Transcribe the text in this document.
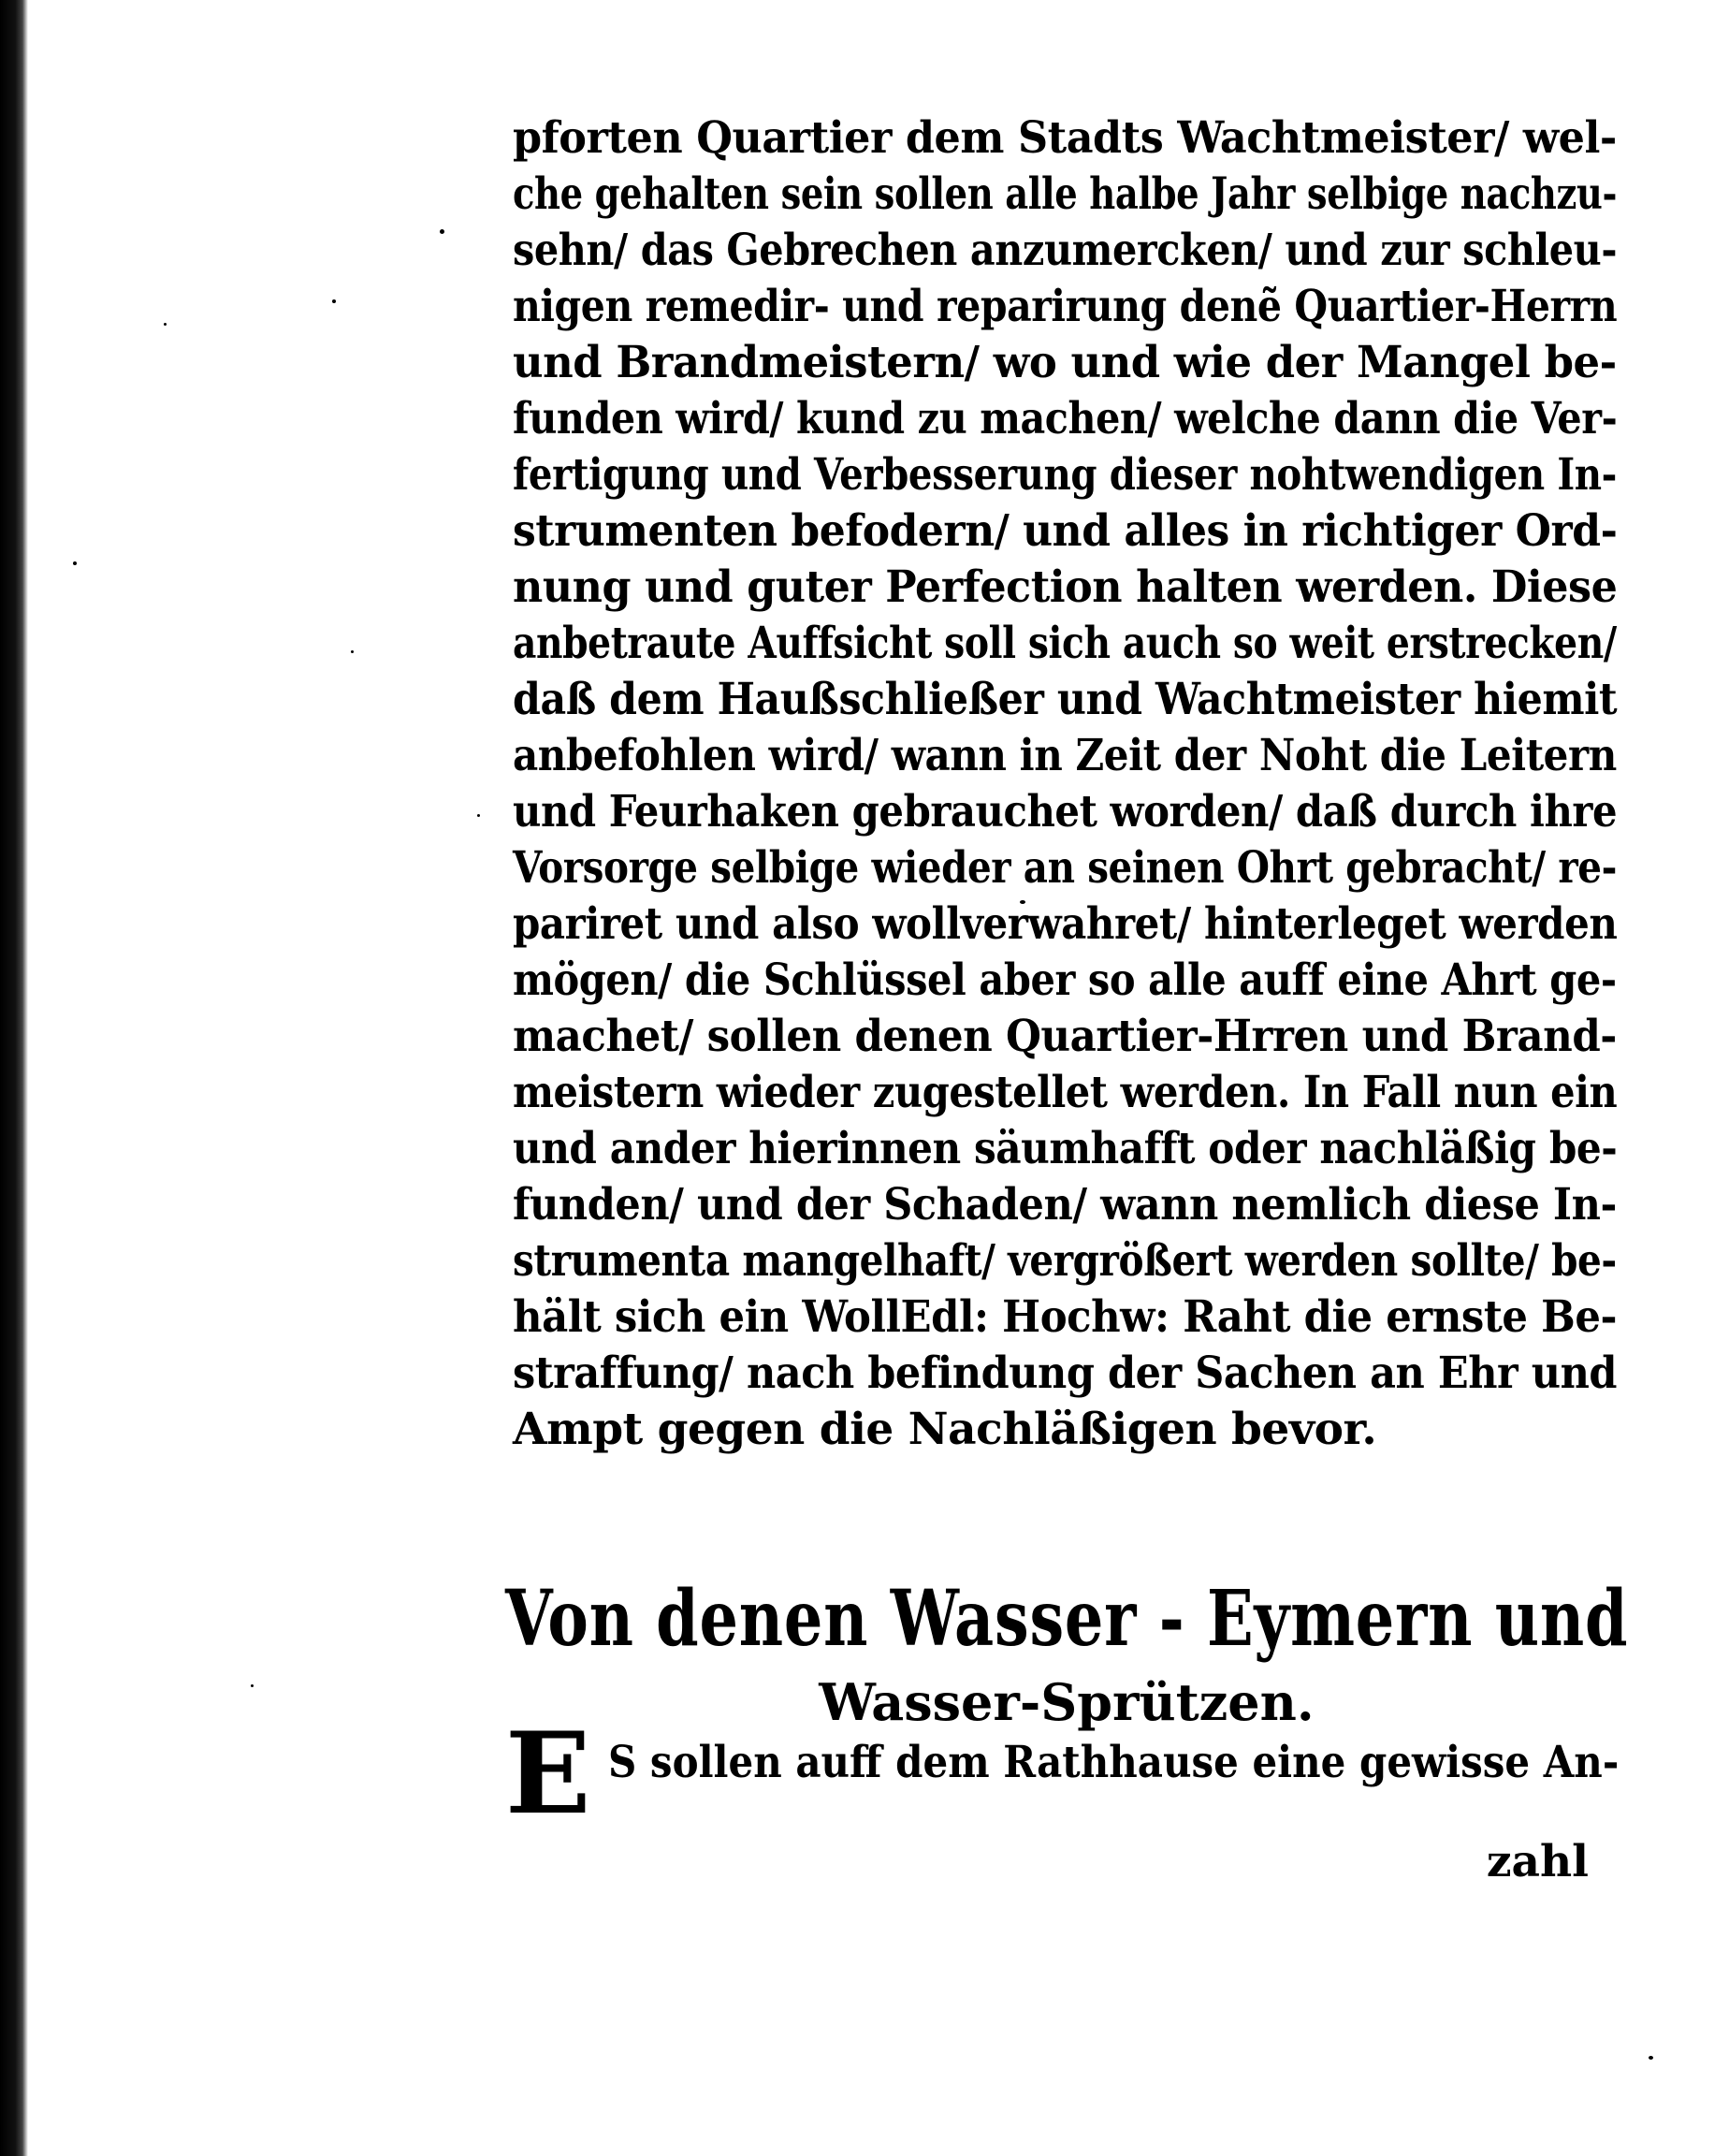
pforten Quartier dem Stadts Wachtmeister/ wel-
che gehalten sein sollen alle halbe Jahr selbige nachzu-
sehn/ das Gebrechen anzumercken/ und zur schleu-
nigen remedir- und reparirung denẽ Quartier-Herrn
und Brandmeistern/ wo und wie der Mangel be-
funden wird/ kund zu machen/ welche dann die Ver-
fertigung und Verbesserung dieser nohtwendigen In-
strumenten befodern/ und alles in richtiger Ord-
nung und guter Perfection halten werden. Diese
anbetraute Auffsicht soll sich auch so weit erstrecken/
daß dem Haußschließer und Wachtmeister hiemit
anbefohlen wird/ wann in Zeit der Noht die Leitern
und Feurhaken gebrauchet worden/ daß durch ihre
Vorsorge selbige wieder an seinen Ohrt gebracht/ re-
pariret und also wollverwahret/ hinterleget werden
mögen/ die Schlüssel aber so alle auff eine Ahrt ge-
machet/ sollen denen Quartier-Hrren und Brand-
meistern wieder zugestellet werden. In Fall nun ein
und ander hierinnen säumhafft oder nachläßig be-
funden/ und der Schaden/ wann nemlich diese In-
strumenta mangelhaft/ vergrößert werden sollte/ be-
hält sich ein WollEdl: Hochw: Raht die ernste Be-
straffung/ nach befindung der Sachen an Ehr und
Ampt gegen die Nachläßigen bevor.
Von denen Wasser - Eymern und
Wasser-Sprützen.
E S sollen auff dem Rathhause eine gewisse An-
zahl
